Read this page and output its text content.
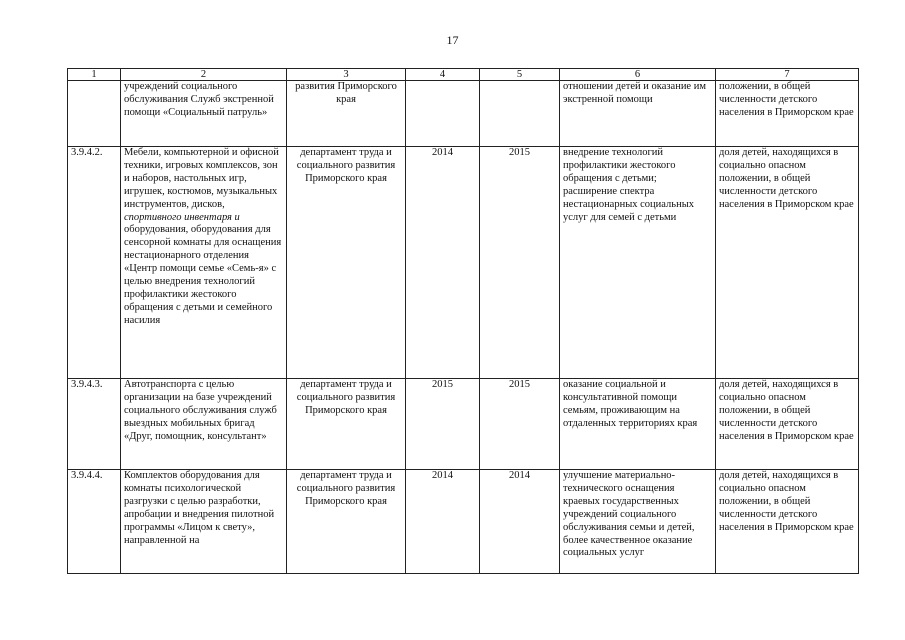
17
1	2	3	4	5	6	7
	учреждений социального обслуживания Служб экстренной помощи «Социальный патруль»	развития Приморского края			отношении детей и оказание им экстренной помощи	положении, в общей численности детского населения в Приморском крае
3.9.4.2.	Мебели, компьютерной и офисной техники, игровых комплексов, зон и наборов, настольных игр, игрушек, костюмов, музыкальных инструментов, дисков, спортивного инвентаря и оборудования, оборудования для сенсорной комнаты для оснащения нестационарного отделения «Центр помощи семье «Семь-я» с целью внедрения технологий профилактики жестокого обращения с детьми и семейного насилия	департамент труда и социального развития Приморского края	2014	2015	внедрение технологий профилактики жестокого обращения с детьми; расширение спектра нестационарных социальных услуг для семей с детьми	доля детей, находящихся в социально опасном положении, в общей численности детского населения в Приморском крае
3.9.4.3.	Автотранспорта с целью организации на базе учреждений социального обслуживания служб выездных мобильных бригад «Друг, помощник, консультант»	департамент труда и социального развития Приморского края	2015	2015	оказание социальной и консультативной помощи семьям, проживающим на отдаленных территориях края	доля детей, находящихся в социально опасном положении, в общей численности детского населения в Приморском крае
3.9.4.4.	Комплектов оборудования для комнаты психологической разгрузки с целью разработки, апробации и внедрения пилотной программы «Лицом к свету», направленной на	департамент труда и социального развития Приморского края	2014	2014	улучшение материально-технического оснащения краевых государственных учреждений социального обслуживания семьи и детей, более качественное оказание социальных услуг	доля детей, находящихся в социально опасном положении, в общей численности детского населения в Приморском крае
